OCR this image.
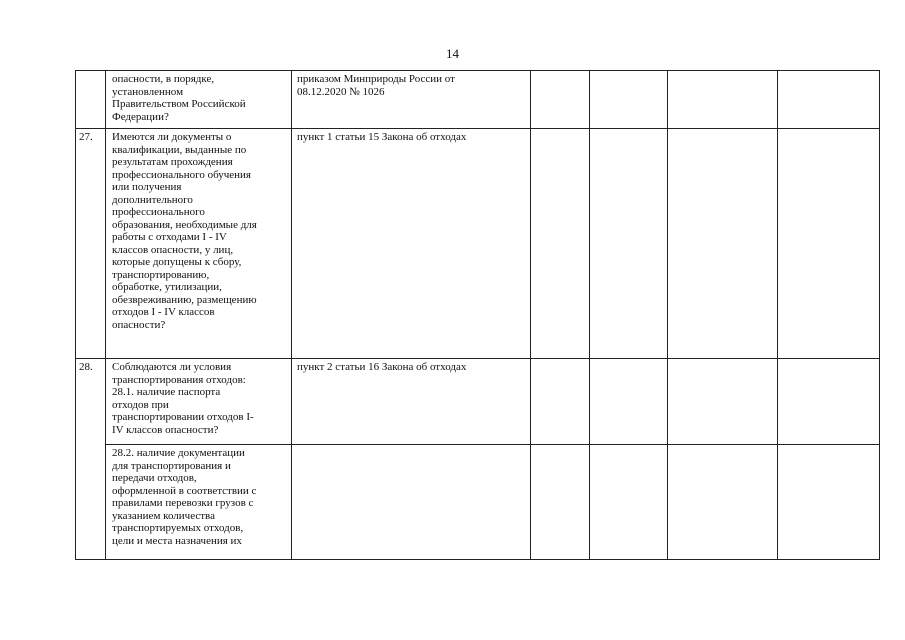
14

опасности, в порядке,
установленном
Правительством Российской
Федерации?

приказом Минприроды России от
08.12.2020 № 1026

27.	Имеются ли документы о
квалификации, выданные по
результатам прохождения
профессионального обучения
или получения
дополнительного
профессионального
образования, необходимые для
работы с отходами I - IV
классов опасности, у лиц,
которые допущены к сбору,
транспортированию,
обработке, утилизации,
обезвреживанию, размещению
отходов I - IV классов
опасности?

пункт 1 статьи 15 Закона об отходах

28.	Соблюдаются ли условия
транспортирования отходов:
28.1. наличие паспорта
отходов при
транспортировании отходов I-
IV классов опасности?

28.2. наличие документации
для транспортирования и
передачи отходов,
оформленной в соответствии с
правилами перевозки грузов с
указанием количества
транспортируемых отходов,
цели и места назначения их

пункт 2 статьи 16 Закона об отходах
